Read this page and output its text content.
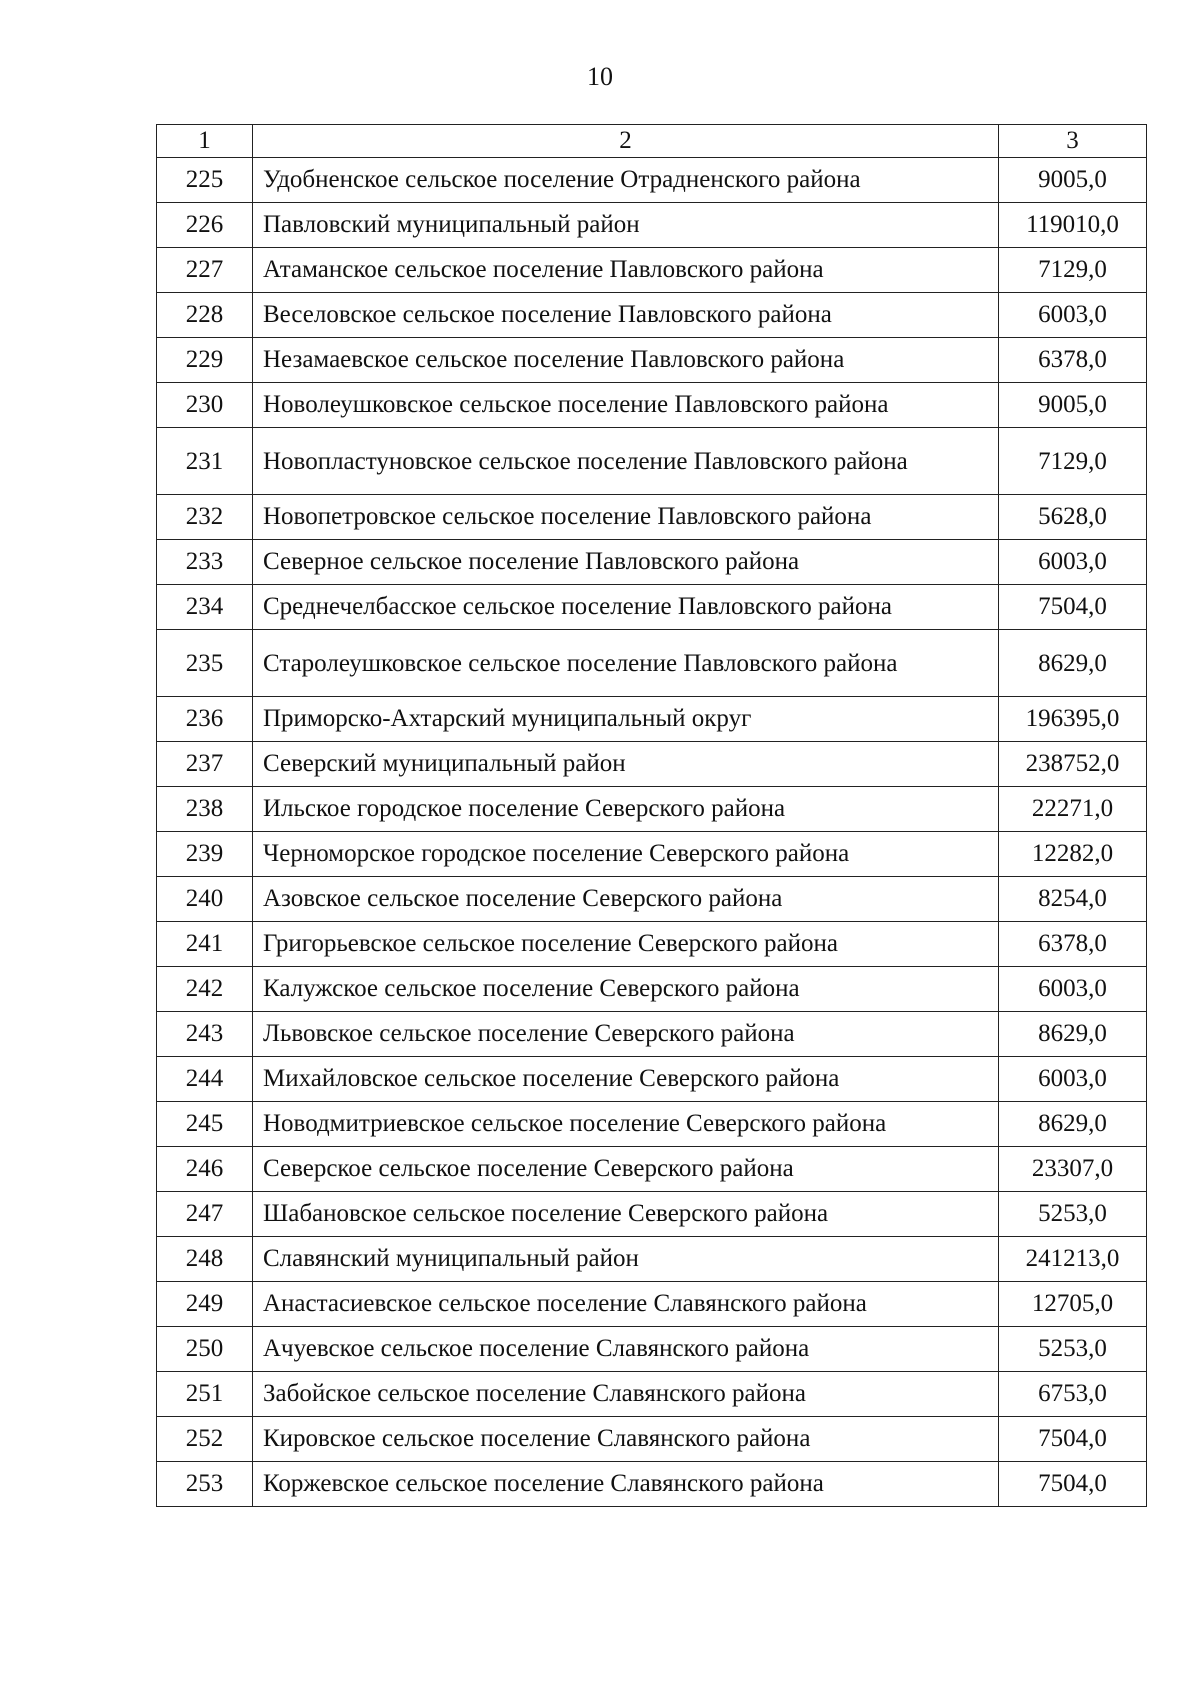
10
1	2	3
225	Удобненское сельское поселение Отрадненского района	9005,0
226	Павловский муниципальный район	119010,0
227	Атаманское сельское поселение Павловского района	7129,0
228	Веселовское сельское поселение Павловского района	6003,0
229	Незамаевское сельское поселение Павловского района	6378,0
230	Новолеушковское сельское поселение Павловского района	9005,0
231	Новопластуновское сельское поселение Павловского района	7129,0
232	Новопетровское сельское поселение Павловского района	5628,0
233	Северное сельское поселение Павловского района	6003,0
234	Среднечелбасское сельское поселение Павловского района	7504,0
235	Старолеушковское сельское поселение Павловского района	8629,0
236	Приморско-Ахтарский муниципальный округ	196395,0
237	Северский муниципальный район	238752,0
238	Ильское городское поселение Северского района	22271,0
239	Черноморское городское поселение Северского района	12282,0
240	Азовское сельское поселение Северского района	8254,0
241	Григорьевское сельское поселение Северского района	6378,0
242	Калужское сельское поселение Северского района	6003,0
243	Львовское сельское поселение Северского района	8629,0
244	Михайловское сельское поселение Северского района	6003,0
245	Новодмитриевское сельское поселение Северского района	8629,0
246	Северское сельское поселение Северского района	23307,0
247	Шабановское сельское поселение Северского района	5253,0
248	Славянский муниципальный район	241213,0
249	Анастасиевское сельское поселение Славянского района	12705,0
250	Ачуевское сельское поселение Славянского района	5253,0
251	Забойское сельское поселение Славянского района	6753,0
252	Кировское сельское поселение Славянского района	7504,0
253	Коржевское сельское поселение Славянского района	7504,0
